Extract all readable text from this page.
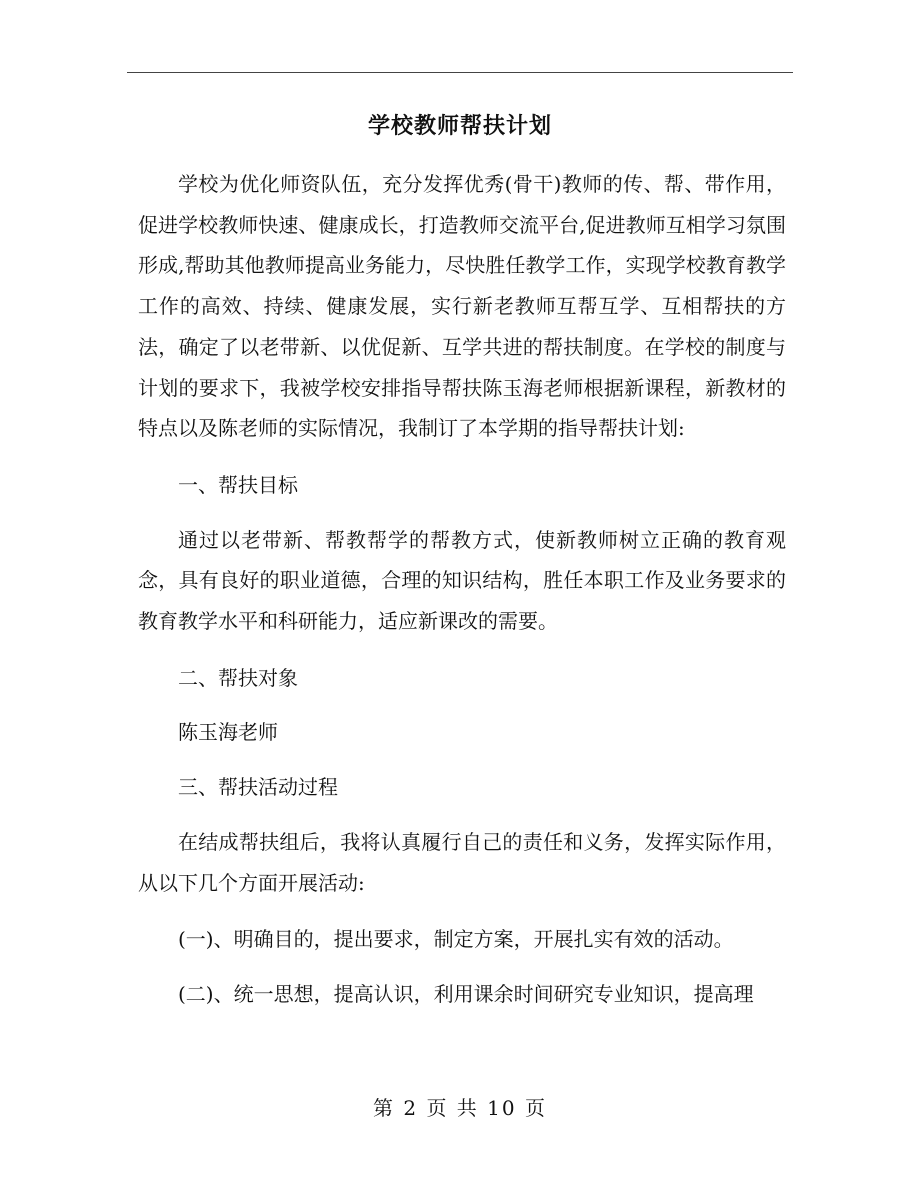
学校教师帮扶计划

学校为优化师资队伍，充分发挥优秀(骨干)教师的传、帮、带作用，促进学校教师快速、健康成长，打造教师交流平台,促进教师互相学习氛围形成,帮助其他教师提高业务能力，尽快胜任教学工作，实现学校教育教学工作的高效、持续、健康发展，实行新老教师互帮互学、互相帮扶的方法，确定了以老带新、以优促新、互学共进的帮扶制度。在学校的制度与计划的要求下，我被学校安排指导帮扶陈玉海老师根据新课程，新教材的特点以及陈老师的实际情况，我制订了本学期的指导帮扶计划:

一、帮扶目标

通过以老带新、帮教帮学的帮教方式，使新教师树立正确的教育观念，具有良好的职业道德，合理的知识结构，胜任本职工作及业务要求的教育教学水平和科研能力，适应新课改的需要。

二、帮扶对象

陈玉海老师

三、帮扶活动过程

在结成帮扶组后，我将认真履行自己的责任和义务，发挥实际作用，从以下几个方面开展活动:

(一)、明确目的，提出要求，制定方案，开展扎实有效的活动。

(二)、统一思想，提高认识，利用课余时间研究专业知识，提高理

第 2 页 共 10 页
